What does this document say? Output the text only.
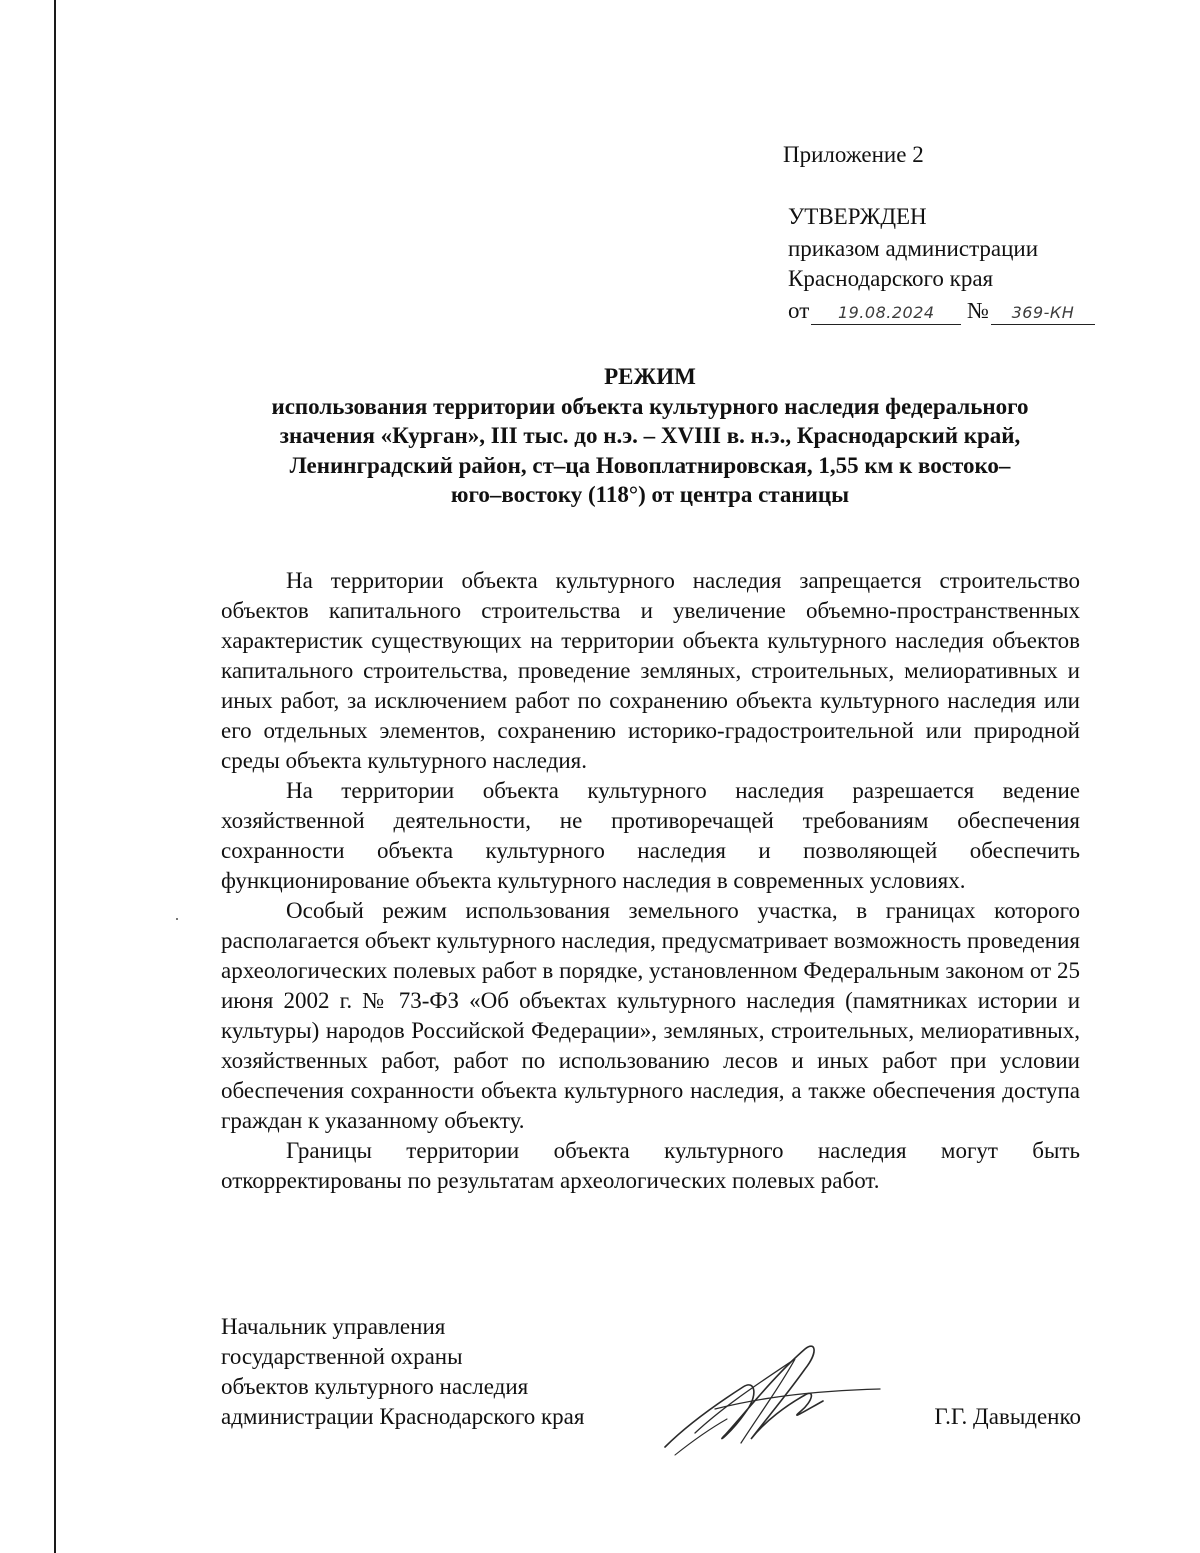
Приложение 2
УТВЕРЖДЕН
приказом администрации
Краснодарского края
от 19.08.2024 № 369-КН
РЕЖИМ
использования территории объекта культурного наследия федерального
значения «Курган», III тыс. до н.э. – XVIII в. н.э., Краснодарский край,
Ленинградский район, ст–ца Новоплатнировская, 1,55 км к востоко–
юго–востоку (118°) от центра станицы

На территории объекта культурного наследия запрещается строительство объектов капитального строительства и увеличение объемно-пространственных характеристик существующих на территории объекта культурного наследия объектов капитального строительства, проведение земляных, строительных, мелиоративных и иных работ, за исключением работ по сохранению объекта культурного наследия или его отдельных элементов, сохранению историко-градостроительной или природной среды объекта культурного наследия.

На территории объекта культурного наследия разрешается ведение хозяйственной деятельности, не противоречащей требованиям обеспечения сохранности объекта культурного наследия и позволяющей обеспечить функционирование объекта культурного наследия в современных условиях.

Особый режим использования земельного участка, в границах которого располагается объект культурного наследия, предусматривает возможность проведения археологических полевых работ в порядке, установленном Федеральным законом от 25 июня 2002 г. № 73-ФЗ «Об объектах культурного наследия (памятниках истории и культуры) народов Российской Федерации», земляных, строительных, мелиоративных, хозяйственных работ, работ по использованию лесов и иных работ при условии обеспечения сохранности объекта культурного наследия, а также обеспечения доступа граждан к указанному объекту.

Границы территории объекта культурного наследия могут быть откорректированы по результатам археологических полевых работ.

Начальник управления
государственной охраны
объектов культурного наследия
администрации Краснодарского края	Г.Г. Давыденко
